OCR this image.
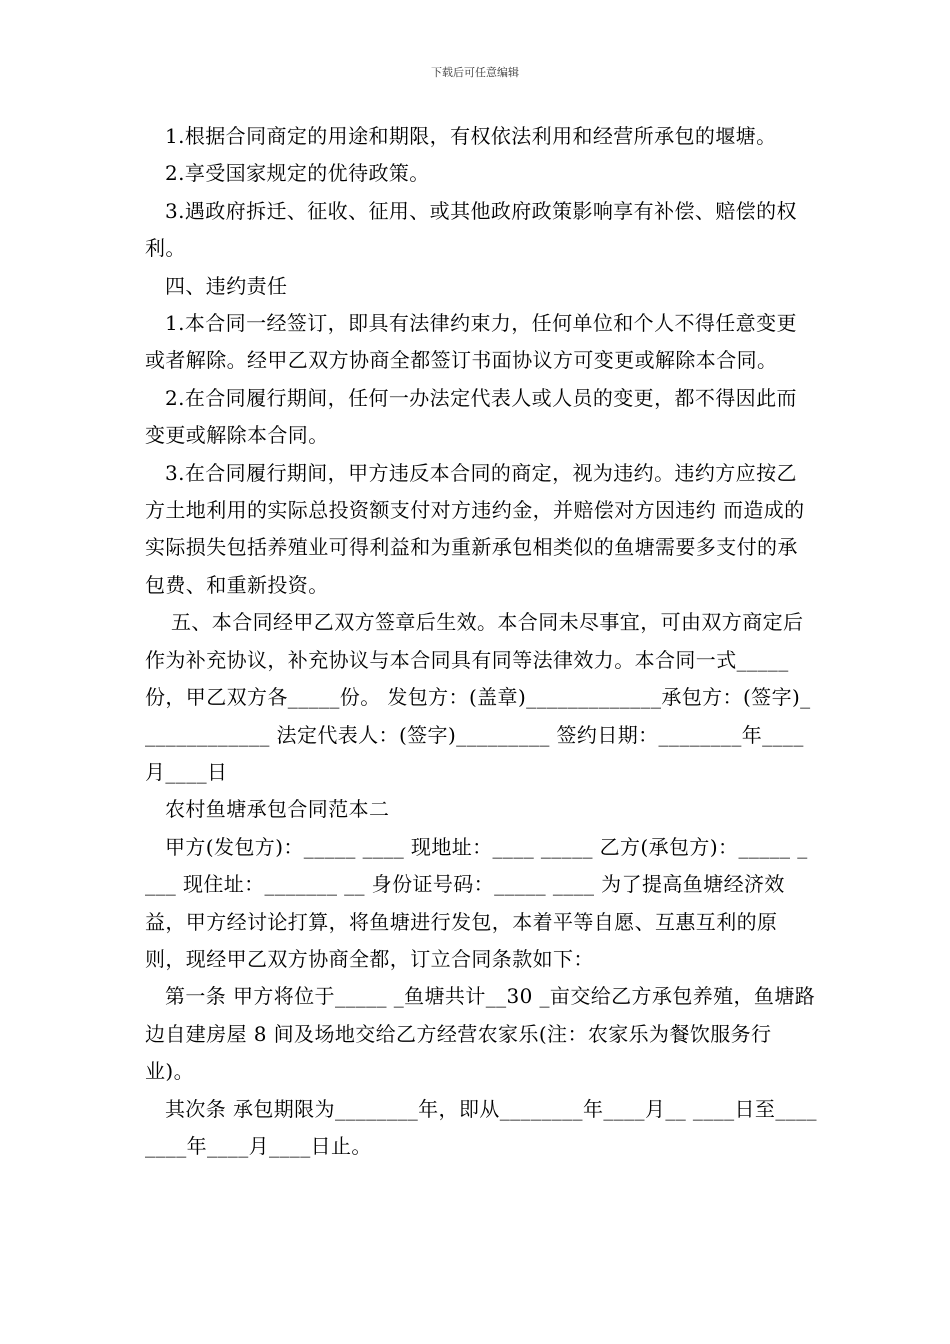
下载后可任意编辑

1.根据合同商定的用途和期限，有权依法利用和经营所承包的堰塘。

2.享受国家规定的优待政策。

3.遇政府拆迁、征收、征用、或其他政府政策影响享有补偿、赔偿的权利。

四、违约责任

1.本合同一经签订，即具有法律约束力，任何单位和个人不得任意变更或者解除。经甲乙双方协商全都签订书面协议方可变更或解除本合同。

2.在合同履行期间，任何一办法定代表人或人员的变更，都不得因此而变更或解除本合同。

3.在合同履行期间，甲方违反本合同的商定，视为违约。违约方应按乙方土地利用的实际总投资额支付对方违约金，并赔偿对方因违约 而造成的实际损失包括养殖业可得利益和为重新承包相类似的鱼塘需要多支付的承包费、和重新投资。

五、本合同经甲乙双方签章后生效。本合同未尽事宜，可由双方商定后作为补充协议，补充协议与本合同具有同等法律效力。本合同一式_____份，甲乙双方各_____份。 发包方：(盖章)_____________承包方：(签字)_____________ 法定代表人：(签字)_________ 签约日期：________年____月____日

农村鱼塘承包合同范本二

甲方(发包方)：_____ ____ 现地址：____ _____ 乙方(承包方)：_____ ____ 现住址：_______ __ 身份证号码：_____ ____ 为了提高鱼塘经济效益，甲方经讨论打算，将鱼塘进行发包，本着平等自愿、互惠互利的原则，现经甲乙双方协商全都，订立合同条款如下：

第一条 甲方将位于_____ _鱼塘共计__30 _亩交给乙方承包养殖，鱼塘路边自建房屋 8 间及场地交给乙方经营农家乐(注：农家乐为餐饮服务行业)。

其次条 承包期限为________年，即从________年____月__ ____日至________年____月____日止。
